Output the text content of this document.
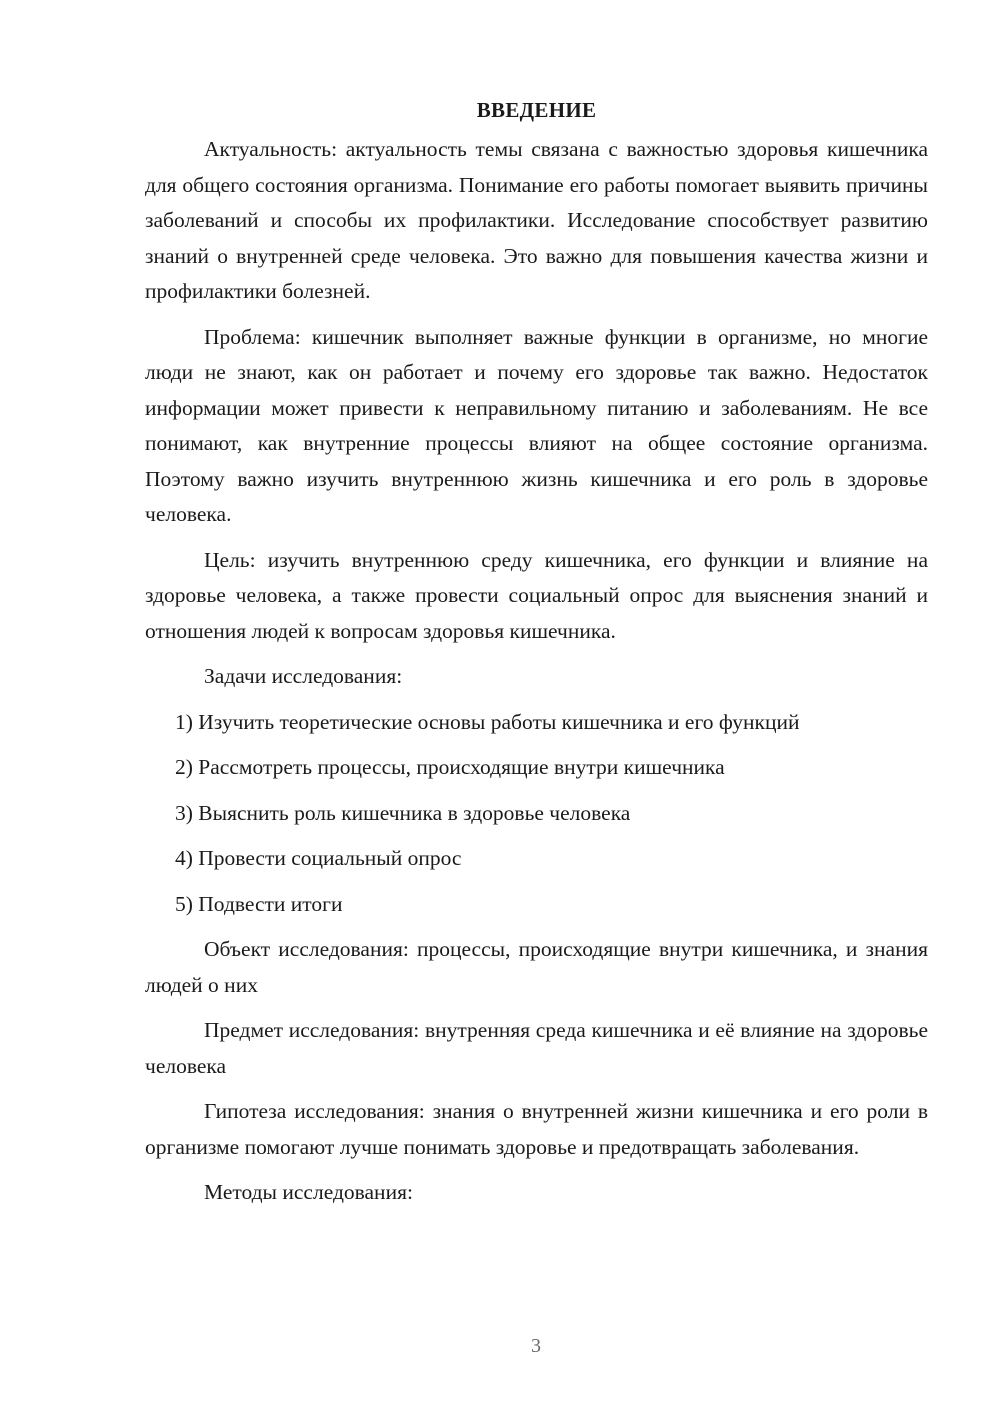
ВВЕДЕНИЕ

Актуальность: актуальность темы связана с важностью здоровья кишечника для общего состояния организма. Понимание его работы помогает выявить причины заболеваний и способы их профилактики. Исследование способствует развитию знаний о внутренней среде человека. Это важно для повышения качества жизни и профилактики болезней.

Проблема: кишечник выполняет важные функции в организме, но многие люди не знают, как он работает и почему его здоровье так важно. Недостаток информации может привести к неправильному питанию и заболеваниям. Не все понимают, как внутренние процессы влияют на общее состояние организма. Поэтому важно изучить внутреннюю жизнь кишечника и его роль в здоровье человека.

Цель: изучить внутреннюю среду кишечника, его функции и влияние на здоровье человека, а также провести социальный опрос для выяснения знаний и отношения людей к вопросам здоровья кишечника.

Задачи исследования:

1) Изучить теоретические основы работы кишечника и его функций
2) Рассмотреть процессы, происходящие внутри кишечника
3) Выяснить роль кишечника в здоровье человека
4) Провести социальный опрос
5) Подвести итоги

Объект исследования: процессы, происходящие внутри кишечника, и знания людей о них

Предмет исследования: внутренняя среда кишечника и её влияние на здоровье человека

Гипотеза исследования: знания о внутренней жизни кишечника и его роли в организме помогают лучше понимать здоровье и предотвращать заболевания.

Методы исследования:

3
